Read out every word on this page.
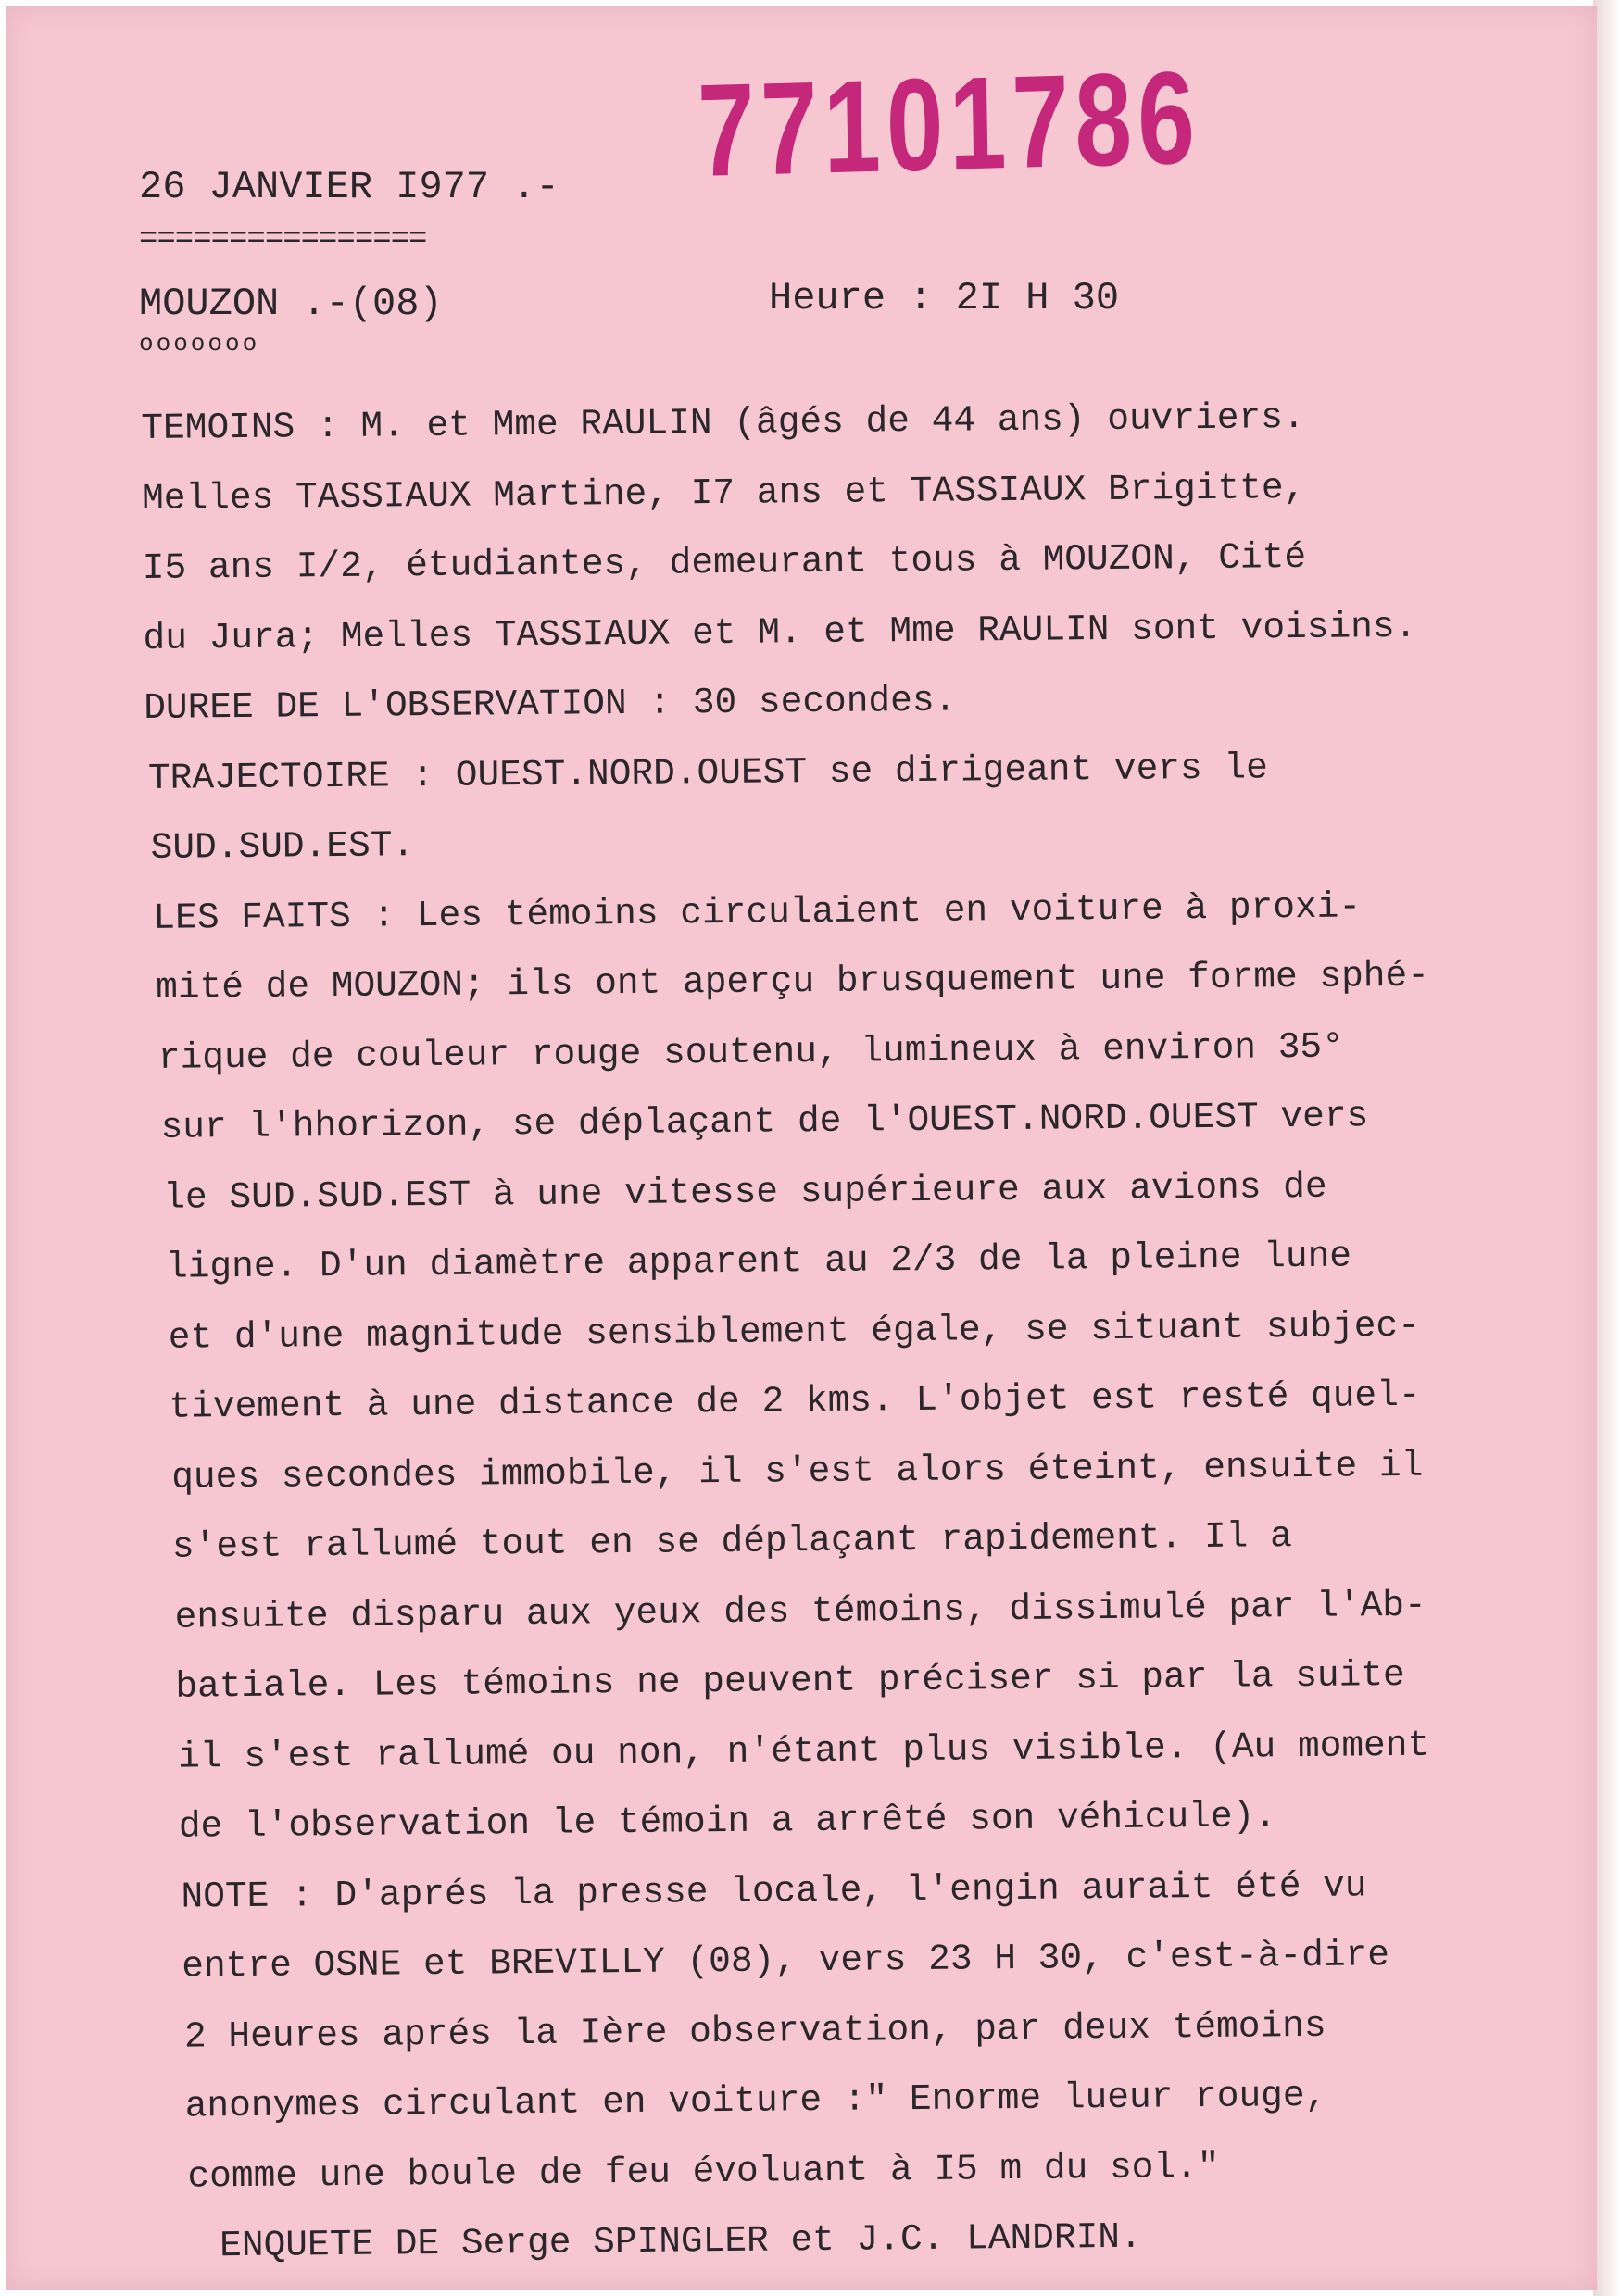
77101786
26 JANVIER I977 .-
================
MOUZON .-(08)
ooooooo
Heure : 2I H 30
TEMOINS : M. et Mme RAULIN (âgés de 44 ans) ouvriers.
Melles TASSIAUX Martine, I7 ans et TASSIAUX Brigitte,
I5 ans I/2, étudiantes, demeurant tous à MOUZON, Cité
du Jura; Melles TASSIAUX et M. et Mme RAULIN sont voisins.
DUREE DE L'OBSERVATION : 30 secondes.
TRAJECTOIRE : OUEST.NORD.OUEST se dirigeant vers le
SUD.SUD.EST.
LES FAITS : Les témoins circulaient en voiture à proxi-
mité de MOUZON; ils ont aperçu brusquement une forme sphé-
rique de couleur rouge soutenu, lumineux à environ 35°
sur l'hhorizon, se déplaçant de l'OUEST.NORD.OUEST vers
le SUD.SUD.EST à une vitesse supérieure aux avions de
ligne. D'un diamètre apparent au 2/3 de la pleine lune
et d'une magnitude sensiblement égale, se situant subjec-
tivement à une distance de 2 kms. L'objet est resté quel-
ques secondes immobile, il s'est alors éteint, ensuite il
s'est rallumé tout en se déplaçant rapidement. Il a
ensuite disparu aux yeux des témoins, dissimulé par l'Ab-
batiale. Les témoins ne peuvent préciser si par la suite
il s'est rallumé ou non, n'étant plus visible. (Au moment
de l'observation le témoin a arrêté son véhicule).
NOTE : D'aprés la presse locale, l'engin aurait été vu
entre OSNE et BREVILLY (08), vers 23 H 30, c'est-à-dire
2 Heures aprés la Ière observation, par deux témoins
anonymes circulant en voiture :" Enorme lueur rouge,
comme une boule de feu évoluant à I5 m du sol."
ENQUETE DE Serge SPINGLER et J.C. LANDRIN.
